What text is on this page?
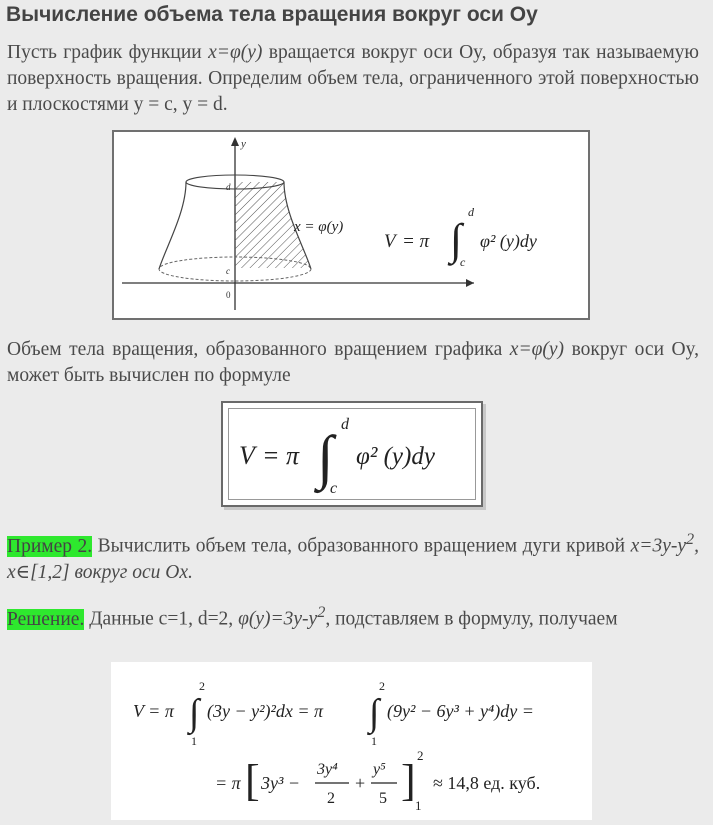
Вычисление объема тела вращения вокруг оси Oy
Пусть график функции x=φ(y) вращается вокруг оси Oy, образуя так называемую поверхность вращения. Определим объем тела, ограниченного этой поверхностью и плоскостями y = c, y = d.
y
d
c
0
x = φ(y)
V = π ∫
d
c
φ² (y)dy
Объем тела вращения, образованного вращением графика x=φ(y) вокруг оси Oy, может быть вычислен по формуле
V = π ∫ d
c
φ² (y)dy
Пример 2. Вычислить объем тела, образованного вращением дуги кривой $x=3y-y^2$, x∈[1,2] вокруг оси Ox.
Решение. Данные c=1, d=2, $\varphi(y)=3y-y^2$, подставляем в формулу, получаем
V = π ∫
2
1
(3y − y²)²dx = π ∫
2
1
(9y² − 6y³ + y⁴)dy =
= π [ 3y³ −
3y⁴
2
+
y⁵
5 ]
2
1
≈ 14,8 ед. куб.
